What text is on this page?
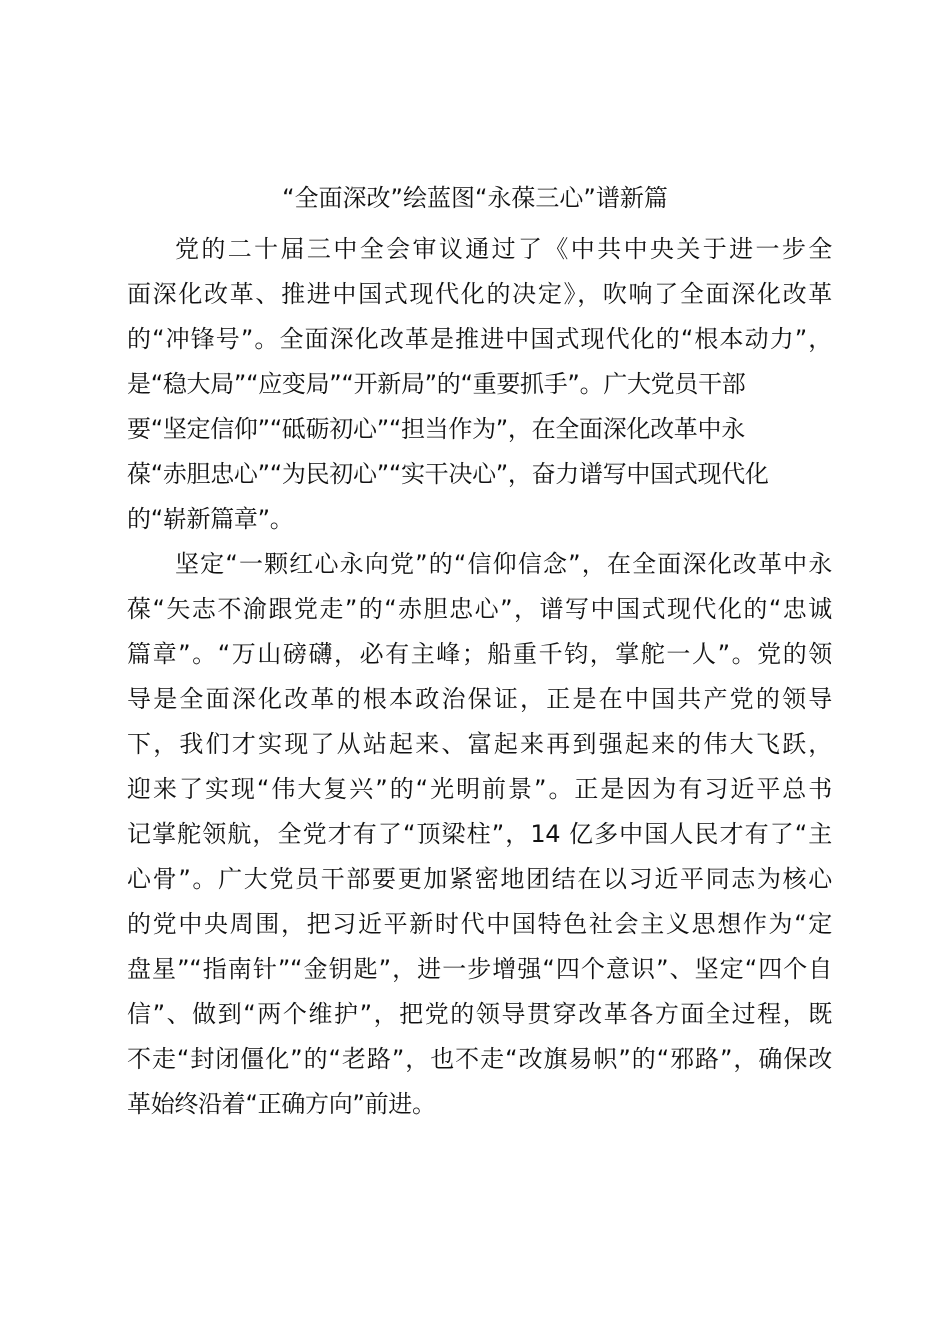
“全面深改”绘蓝图“永葆三心”谱新篇
党的二十届三中全会审议通过了《中共中央关于进一步全
面深化改革、推进中国式现代化的决定》，吹响了全面深化改革
的“冲锋号”。全面深化改革是推进中国式现代化的“根本动力”，
是“稳大局”“应变局”“开新局”的“重要抓手”。广大党员干部
要“坚定信仰”“砥砺初心”“担当作为”，在全面深化改革中永
葆“赤胆忠心”“为民初心”“实干决心”，奋力谱写中国式现代化
的“崭新篇章”。
坚定“一颗红心永向党”的“信仰信念”，在全面深化改革中永
葆“矢志不渝跟党走”的“赤胆忠心”，谱写中国式现代化的“忠诚
篇章”。“万山磅礴，必有主峰；船重千钧，掌舵一人”。党的领
导是全面深化改革的根本政治保证，正是在中国共产党的领导
下，我们才实现了从站起来、富起来再到强起来的伟大飞跃，
迎来了实现“伟大复兴”的“光明前景”。正是因为有习近平总书
记掌舵领航，全党才有了“顶梁柱”，14 亿多中国人民才有了“主
心骨”。广大党员干部要更加紧密地团结在以习近平同志为核心
的党中央周围，把习近平新时代中国特色社会主义思想作为“定
盘星”“指南针”“金钥匙”，进一步增强“四个意识”、坚定“四个自
信”、做到“两个维护”，把党的领导贯穿改革各方面全过程，既
不走“封闭僵化”的“老路”，也不走“改旗易帜”的“邪路”，确保改
革始终沿着“正确方向”前进。
